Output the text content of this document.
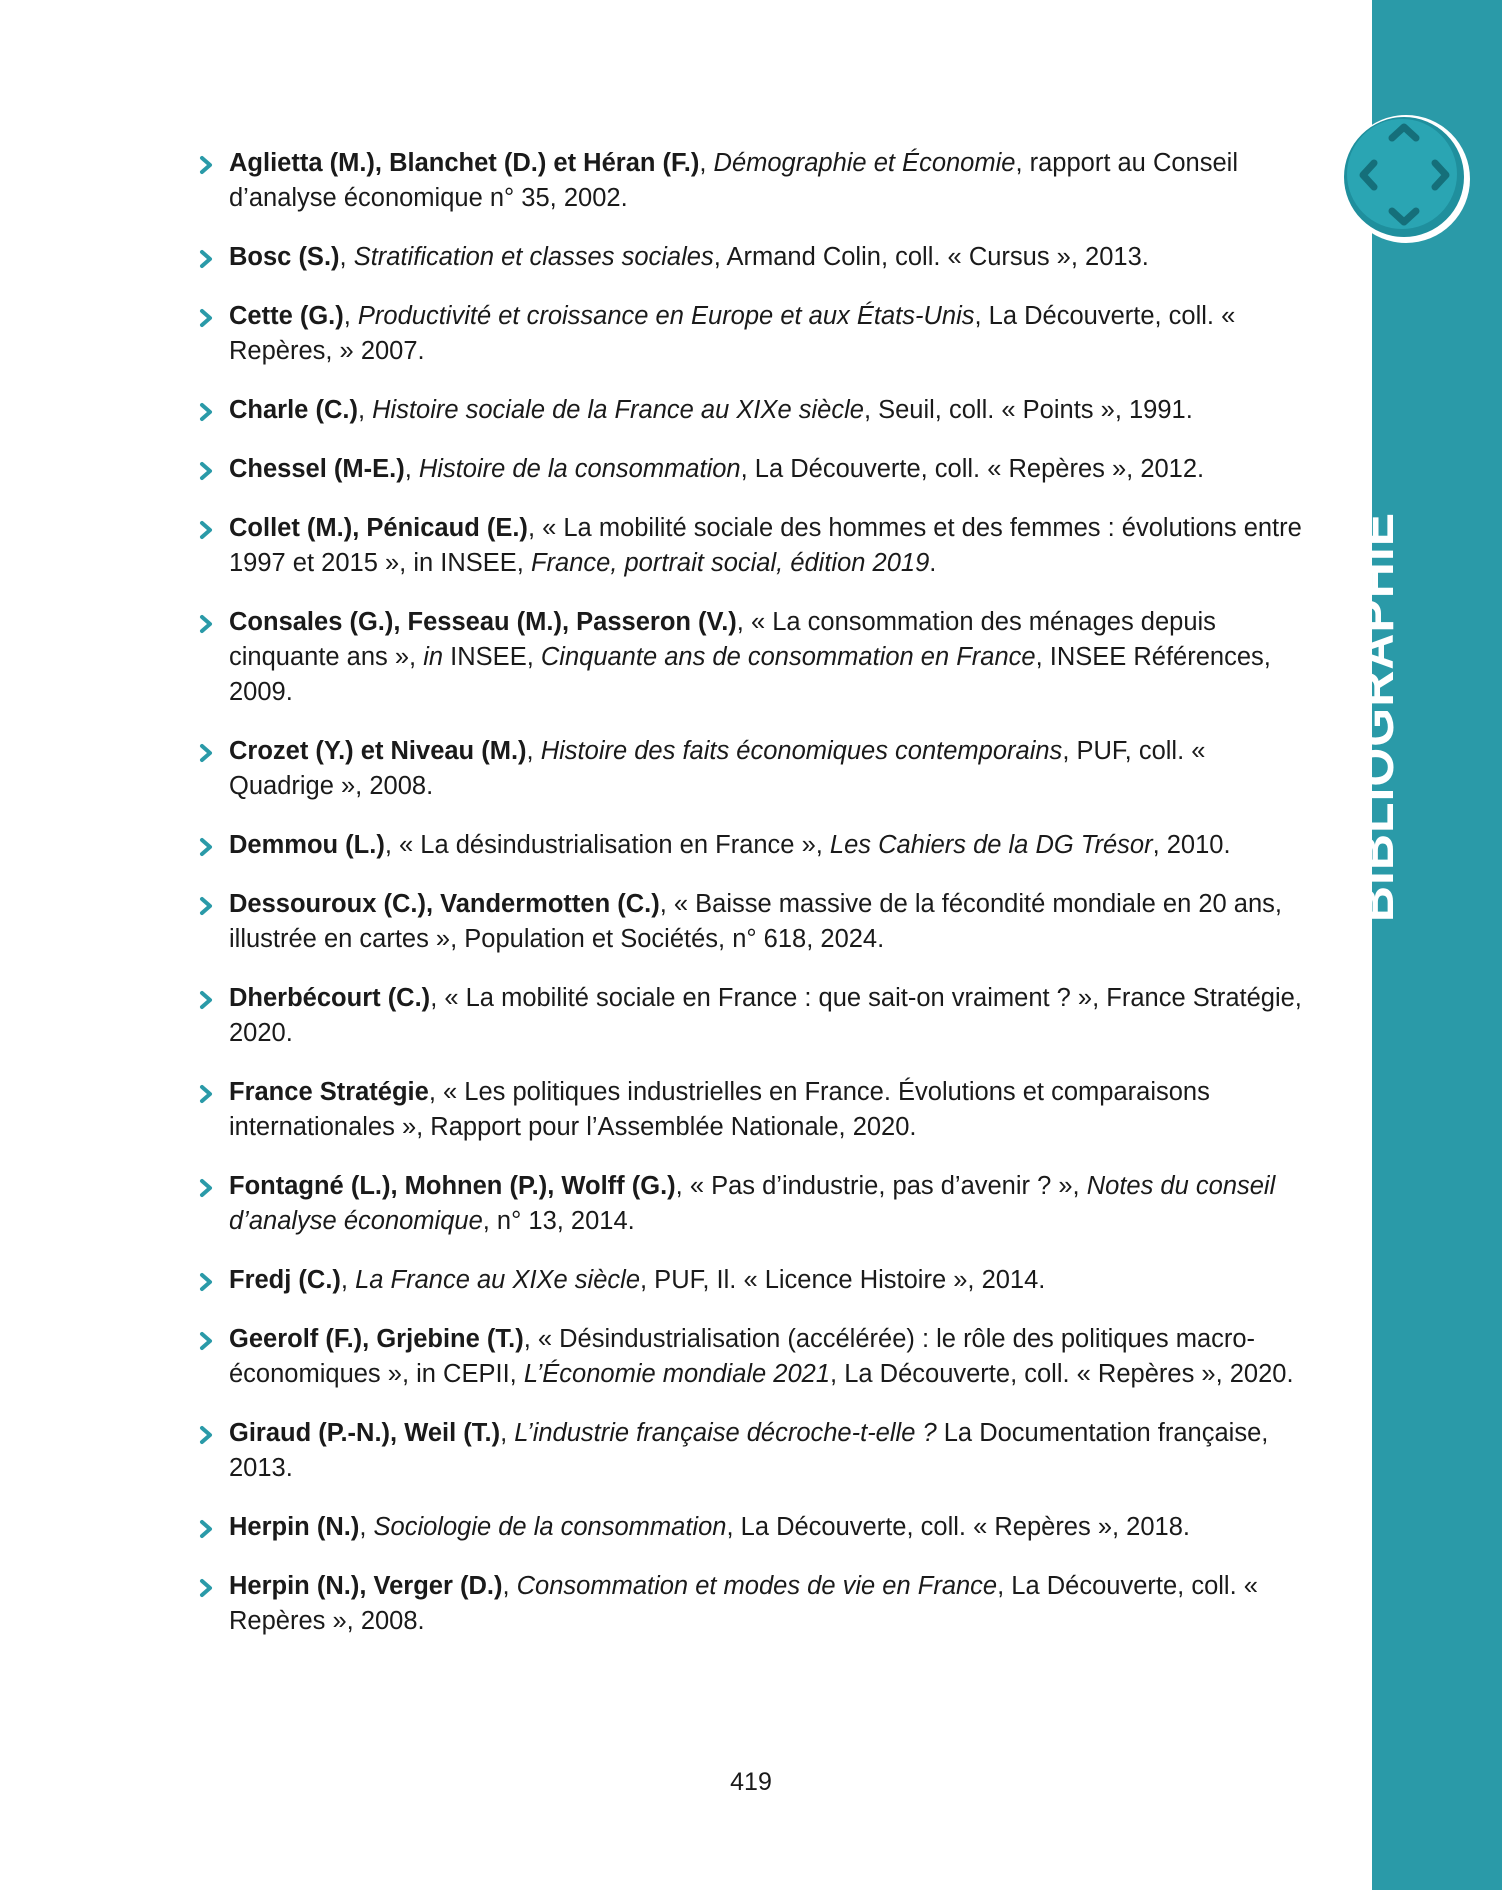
BIBLIOGRAPHIE
Aglietta (M.), Blanchet (D.) et Héran (F.), Démographie et Économie, rapport au Conseil d’analyse économique n° 35, 2002.
Bosc (S.), Stratification et classes sociales, Armand Colin, coll. « Cursus », 2013.
Cette (G.), Productivité et croissance en Europe et aux États-Unis, La Découverte, coll. « Repères, » 2007.
Charle (C.), Histoire sociale de la France au XIXe siècle, Seuil, coll. « Points », 1991.
Chessel (M-E.), Histoire de la consommation, La Découverte, coll. « Repères », 2012.
Collet (M.), Pénicaud (E.), « La mobilité sociale des hommes et des femmes : évolutions entre 1997 et 2015 », in INSEE, France, portrait social, édition 2019.
Consales (G.), Fesseau (M.), Passeron (V.), « La consommation des ménages depuis cinquante ans », in INSEE, Cinquante ans de consommation en France, INSEE Références, 2009.
Crozet (Y.) et Niveau (M.), Histoire des faits économiques contemporains, PUF, coll. « Quadrige », 2008.
Demmou (L.), « La désindustrialisation en France », Les Cahiers de la DG Trésor, 2010.
Dessouroux (C.), Vandermotten (C.), « Baisse massive de la fécondité mondiale en 20 ans, illustrée en cartes », Population et Sociétés, n° 618, 2024.
Dherbécourt (C.), « La mobilité sociale en France : que sait-on vraiment ? », France Stratégie, 2020.
France Stratégie, « Les politiques industrielles en France. Évolutions et comparaisons internationales », Rapport pour l’Assemblée Nationale, 2020.
Fontagné (L.), Mohnen (P.), Wolff (G.), « Pas d’industrie, pas d’avenir ? », Notes du conseil d’analyse économique, n° 13, 2014.
Fredj (C.), La France au XIXe siècle, PUF, Il. « Licence Histoire », 2014.
Geerolf (F.), Grjebine (T.), « Désindustrialisation (accélérée) : le rôle des politiques macro-économiques », in CEPII, L’Économie mondiale 2021, La Découverte, coll. « Repères », 2020.
Giraud (P.-N.), Weil (T.), L’industrie française décroche-t-elle ? La Documentation française, 2013.
Herpin (N.), Sociologie de la consommation, La Découverte, coll. « Repères », 2018.
Herpin (N.), Verger (D.), Consommation et modes de vie en France, La Découverte, coll. « Repères », 2008.
419
